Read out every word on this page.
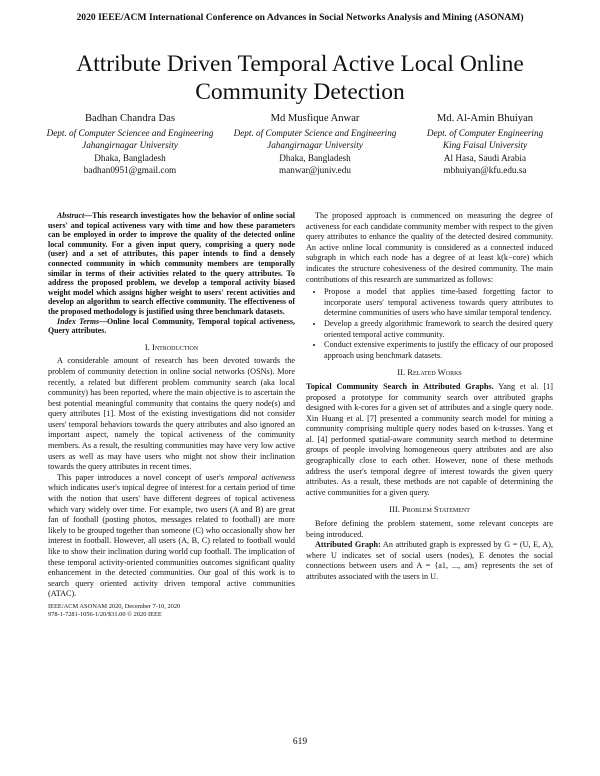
2020 IEEE/ACM International Conference on Advances in Social Networks Analysis and Mining (ASONAM)
Attribute Driven Temporal Active Local Online
Community Detection
Badhan Chandra Das
Dept. of Computer Sciencee and Engineering
Jahangirnagar University
Dhaka, Bangladesh
badhan0951@gmail.com
Md Musfique Anwar
Dept. of Computer Science and Engineering
Jahangirnagar University
Dhaka, Bangladesh
manwar@juniv.edu
Md. Al-Amin Bhuiyan
Dept. of Computer Engineering
King Faisal University
Al Hasa, Saudi Arabia
mbhuiyan@kfu.edu.sa

Abstract—This research investigates how the behavior of online social users' and topical activeness vary with time and how these parameters can be employed in order to improve the quality of the detected online local community. For a given input query, comprising a query node (user) and a set of attributes, this paper intends to find a densely connected community in which community members are temporally similar in terms of their activities related to the query attributes. To address the proposed problem, we develop a temporal activity biased weight model which assigns higher weight to users' recent activities and develop an algorithm to search effective community. The effectiveness of the proposed methodology is justified using three benchmark datasets.

Index Terms—Online local Community, Temporal topical activeness, Query attributes.

I. Introduction

A considerable amount of research has been devoted towards the problem of community detection in online social networks (OSNs). More recently, a related but different problem community search (aka local community) has been reported, where the main objective is to ascertain the best potential meaningful community that contains the query node(s) and query attributes [1]. Most of the existing investigations did not consider users' temporal behaviors towards the query attributes and also ignored an important aspect, namely the topical activeness of the community members. As a result, the resulting communities may have very low active users as well as may have users who might not show their inclination towards the query attributes in recent times.

This paper introduces a novel concept of user's temporal activeness which indicates user's topical degree of interest for a certain period of time with the notion that users' have different degrees of topical activeness which vary widely over time. For example, two users (A and B) are great fan of football (posting photos, messages related to football) are more likely to be grouped together than someone (C) who occasionally show her interest in football. However, all users (A, B, C) related to football would like to show their inclination during world cup football. The implication of these temporal activity-oriented communities outcomes significant quality enhancement in the detected communities. Our goal of this work is to search query oriented activity driven temporal active communities (ATAC).

IEEE/ACM ASONAM 2020, December 7-10, 2020
978-1-7281-1056-1/20/$31.00 © 2020 IEEE

The proposed approach is commenced on measuring the degree of activeness for each candidate community member with respect to the given query attributes to enhance the quality of the detected desired community. An active online local community is considered as a connected induced subgraph in which each node has a degree of at least k(k−core) which indicates the structure cohesiveness of the desired community. The main contributions of this research are summarized as follows:

• Propose a model that applies time-based forgetting factor to incorporate users' temporal activeness towards query attributes to determine communities of users who have similar temporal tendency.
• Develop a greedy algorithmic framework to search the desired query oriented temporal active community.
• Conduct extensive experiments to justify the efficacy of our proposed approach using benchmark datasets.
II. Related Works

Topical Community Search in Attributed Graphs. Yang et al. [1] proposed a prototype for community search over attributed graphs designed with k-cores for a given set of attributes and a single query node. Xin Huang et al. [7] presented a community search model for mining a community comprising multiple query nodes based on k-trusses. Yang et al. [4] performed spatial-aware community search method to determine groups of people involving homogeneous query attributes and are also geographically close to each other. However, none of these methods address the user's temporal degree of interest towards the given query attributes. As a result, these methods are not capable of determining the active communities for a given query.

III. Problem Statement

Before defining the problem statement, some relevant concepts are being introduced.

Attributed Graph: An attributed graph is expressed by G = (U, E, A), where U indicates set of social users (nodes), E denotes the social connections between users and A = {a1, ..., am} represents the set of attributes associated with the users in U.

619
